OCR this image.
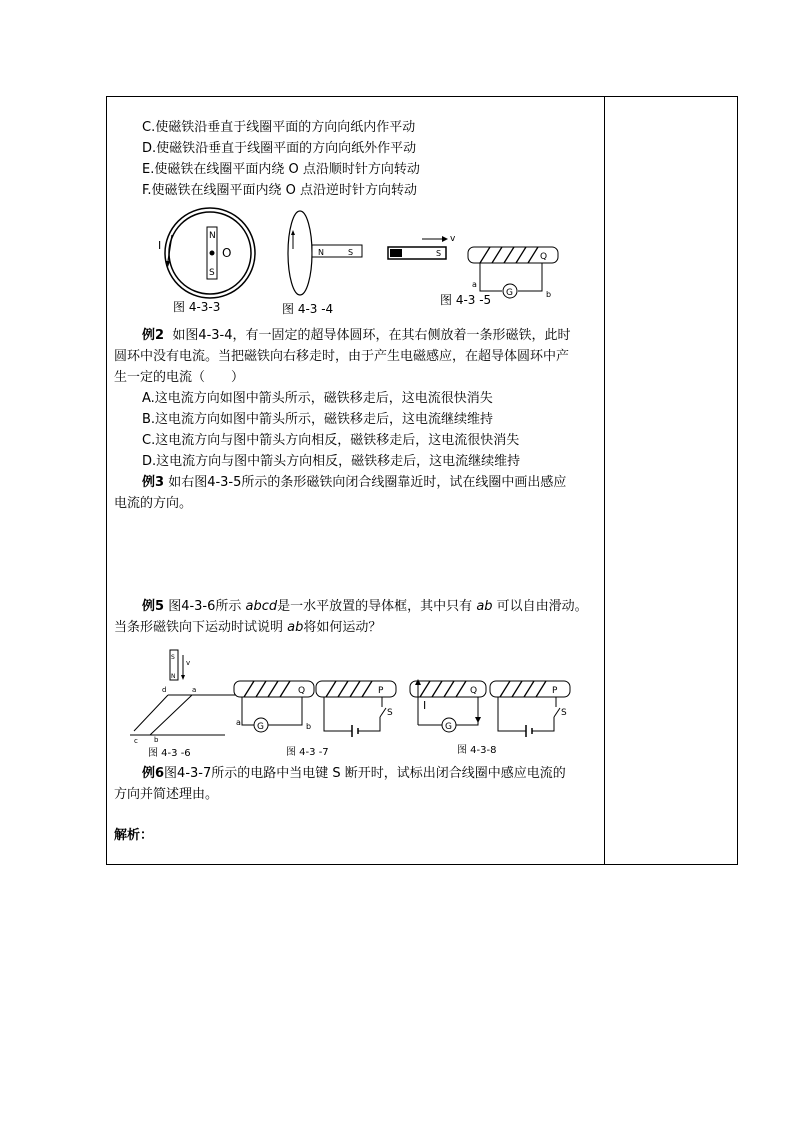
C.使磁铁沿垂直于线圈平面的方向向纸内作平动
D.使磁铁沿垂直于线圈平面的方向向纸外作平动
E.使磁铁在线圈平面内绕 O 点沿顺时针方向转动
F.使磁铁在线圈平面内绕 O 点沿逆时针方向转动
N
S
O
I
N	S	S
v
Q
G
a
b
图 4-3-3	图 4-3 -4
图 4-3 -5
例2 如图4-3-4，有一固定的超导体圆环，在其右侧放着一条形磁铁，此时
圆环中没有电流。当把磁铁向右移走时，由于产生电磁感应，在超导体圆环中产
生一定的电流（　　）
A.这电流方向如图中箭头所示，磁铁移走后，这电流很快消失
B.这电流方向如图中箭头所示，磁铁移走后，这电流继续维持
C.这电流方向与图中箭头方向相反，磁铁移走后，这电流很快消失
D.这电流方向与图中箭头方向相反，磁铁移走后，这电流继续维持
例3 如右图4-3-5所示的条形磁铁向闭合线圈靠近时，试在线圈中画出感应
电流的方向。
例5 图4-3-6所示 abcd是一水平放置的导体框，其中只有 ab 可以自由滑动。
当条形磁铁向下运动时试说明 ab将如何运动？
S
N
v
d	a
c b
Q
G
a	b
P
S
Q
G
I
P
S
图 4-3 -6	图 4-3 -7	图 4-3-8
例6图4-3-7所示的电路中当电键 S 断开时，试标出闭合线圈中感应电流的
方向并简述理由。
解析：
